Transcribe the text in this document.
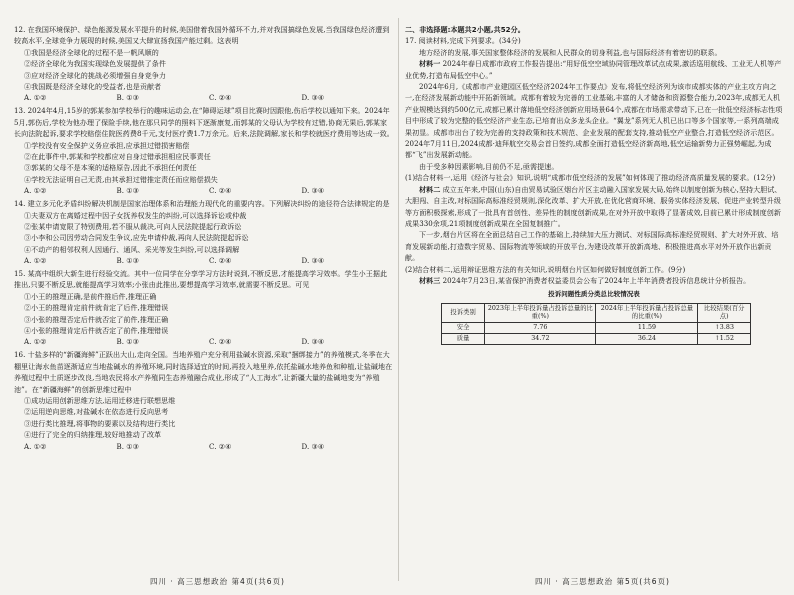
12. 在我国环境保护、绿色能源发展水平提升的时候,美国借着我国外循环不力,并对我国搞绿色发展,当我国绿色经济遭到较高水平,全球竞争力展现的时候,美国又大肆宣扬我国产能过剩。这表明
①我国是经济全球化的过程不是一帆风顺的
②经济全球化为我国实现绿色发展提供了条件
③应对经济全球化的挑战必须增强自身竞争力
④我国既是经济全球化的受益者,也是贡献者
A. ①②	B. ①③	C. ②④	D. ③④
13. 2024年4月,15岁的郭某参加学校举行的趣味运动会,在“障碍运球”项目比赛时因跟他,伤后学校以通知下来。2024年5月,郭伤后,学校为他办理了保险手续,他在那只同学的照料下逐渐康复,而郭某的父母认为学校有过错,协商无果后,郭某家长向法院起诉,要求学校赔偿住院医药费8千元,支付医疗费1.7万余元。后来,法院调解,家长和学校就医疗费用等达成一致。
①学校没有安全保护义务应承担,应承担过错损害赔偿
②在此事件中,郭某和学校都应对自身过错承担相应民事责任
③郭某的父母不是本案的适格原告,因此不承担任何责任
④学校无法证明自己无责,由其承担过错推定责任而应赔偿损失
A. ①②	B. ①③	C. ②④	D. ③④
14. 建立多元化矛盾纠纷解决机制是国家治理体系和治理能力现代化的重要内容。下列解决纠纷的途径符合法律规定的是
①夫妻双方在离婚过程中因子女抚养权发生的纠纷,可以选择诉讼或仲裁
②张某申请宽限了特别费用,若不服从裁决,可向人民法院提起行政诉讼
③小李和公司因劳动合同发生争议,应先申请仲裁,再向人民法院提起诉讼
④不动产的相邻权利人因通行、通风、采光等发生纠纷,可以选择调解
A. ①②	B. ①③	C. ②④	D. ③④
15. 某高中组织大新生进行经验交流。其中一位同学在分享学习方法时说到,不断反思,才能提高学习效率。学生小王据此推出,只要不断反思,就能提高学习效率;小张由此推出,要想提高学习效率,就需要不断反思。可见
①小王的推理正确,是前件推后件,推理正确
②小王的推理肯定前件就肯定了后件,推理错误
③小张的推理否定后件就否定了前件,推理正确
④小张的推理肯定后件就否定了前件,推理错误
A. ①②	B. ①③	C. ②④	D. ③④
16. 十盐多样的“新疆海鲜”正跃出大山,走向全国。当地养殖户充分利用盐碱水资源,采取“捆绑接力”的养殖模式,冬季在大棚里让海水鱼苗逐渐适应当地盐碱水的养殖环境,同时选择适宜的时间,再投入地里养,依托盐碱水地养鱼和种植,让盐碱地在养殖过程中土质逐步改良,当地农民将水产养殖同生态养殖融合成业,形成了“人工海水”,让新疆大量的盐碱地变为“养殖池”。在“新疆海鲜”的创新思维过程中
①成功运用创新思维方法,运用迁移进行联想思维
②运用逆向思维,对盐碱水在依态进行反向思考
③进行类比推理,将事物的要素以及结构进行类比
④进行了完全的归纳推理,较好地推动了改革
A. ①②	B. ①③	C. ②④	D. ③④
二、非选择题:本题共2小题,共52分。
17. 阅读材料,完成下列要求。(34分)

地方经济的发展,事关国家整体经济的发展和人民群众的切身利益,也与国际经济有着密切的联系。

材料一 2024年春日成都市政府工作报告提出:“用好低空空域协同管理改革试点成果,激活巡用航线、工业无人机等产业优势,打造布局低空中心。”

2024年6月,《成都市产业建园区低空经济2024年工作要点》发布,将低空经济列为该市成都实体的产业主攻方向之一,在经济发展新动能中开拓新领域。成都有着较为完善的工业基础,丰富的人才储备和资源整合能力,2023年,成都无人机产业规模达到约500亿元,成都已累计落地低空经济创新应用场景64个,成都在市场需求带动下,已在一批低空经济标志性项目中形成了较为完整的低空经济产业生态,已培育出众多龙头企业。“翼龙”系列无人机已出口等多个国家等,一系列高端成果初显。成都市出台了较为完善的支持政策和技术规范、企业发展的配套支持,推动低空产业整合,打造低空经济示范区。2024年7月11日,2024成都·迪拜航空交易会首日签约,成都全面打造低空经济新高地,低空运输新势力正强势崛起,为成都“飞”出发展新动能。

由于受多种因素影响,目前仍不足,亟需提速。

(1)结合材料一,运用《经济与社会》知识,说明“成都市低空经济的发展”如何体现了推动经济高质量发展的要求。(12分)

材料二 成立五年来,中国(山东)自由贸易试验区烟台片区主动融入国家发展大局,始终以制度创新为核心,坚持大胆试、大胆闯、自主改,对标国际高标准经贸规则,深化改革、扩大开放,在优化营商环境、服务实体经济发展、促进产业转型升级等方面积极探索,形成了一批具有首创性、差异性的制度创新成果,在对外开放中取得了显著成效,目前已累计形成制度创新成果330余项,21项制度创新成果在全国复制推广。

下一步,烟台片区将在全面总结自己工作的基础上,持续加大压力测试、对标国际高标准经贸规则、扩大对外开放、培育发展新动能,打造数字贸易、国际物流等领域的开放平台,为建设改革开放新高地、积极推进高水平对外开放作出新贡献。

(2)结合材料二,运用辩证思维方法的有关知识,说明烟台片区如何做好制度创新工作。(9分)

材料三 2024年7月23日,某省保护消费者权益委员会公布了2024年上半年消费者投诉信息统计分析报告。

投诉问题性质分类总比较情况表
投诉类别	2023年上半年投诉量占投诉总量的比重(%)	2024年上半年投诉量占投诉总量的比重(%)	比较结果(百分点)
安全	7.76	11.59	↑3.83
质量	34.72	36.24	↑1.52
四川 · 高三思想政治 第4页(共6页)	四川 · 高三思想政治 第5页(共6页)
